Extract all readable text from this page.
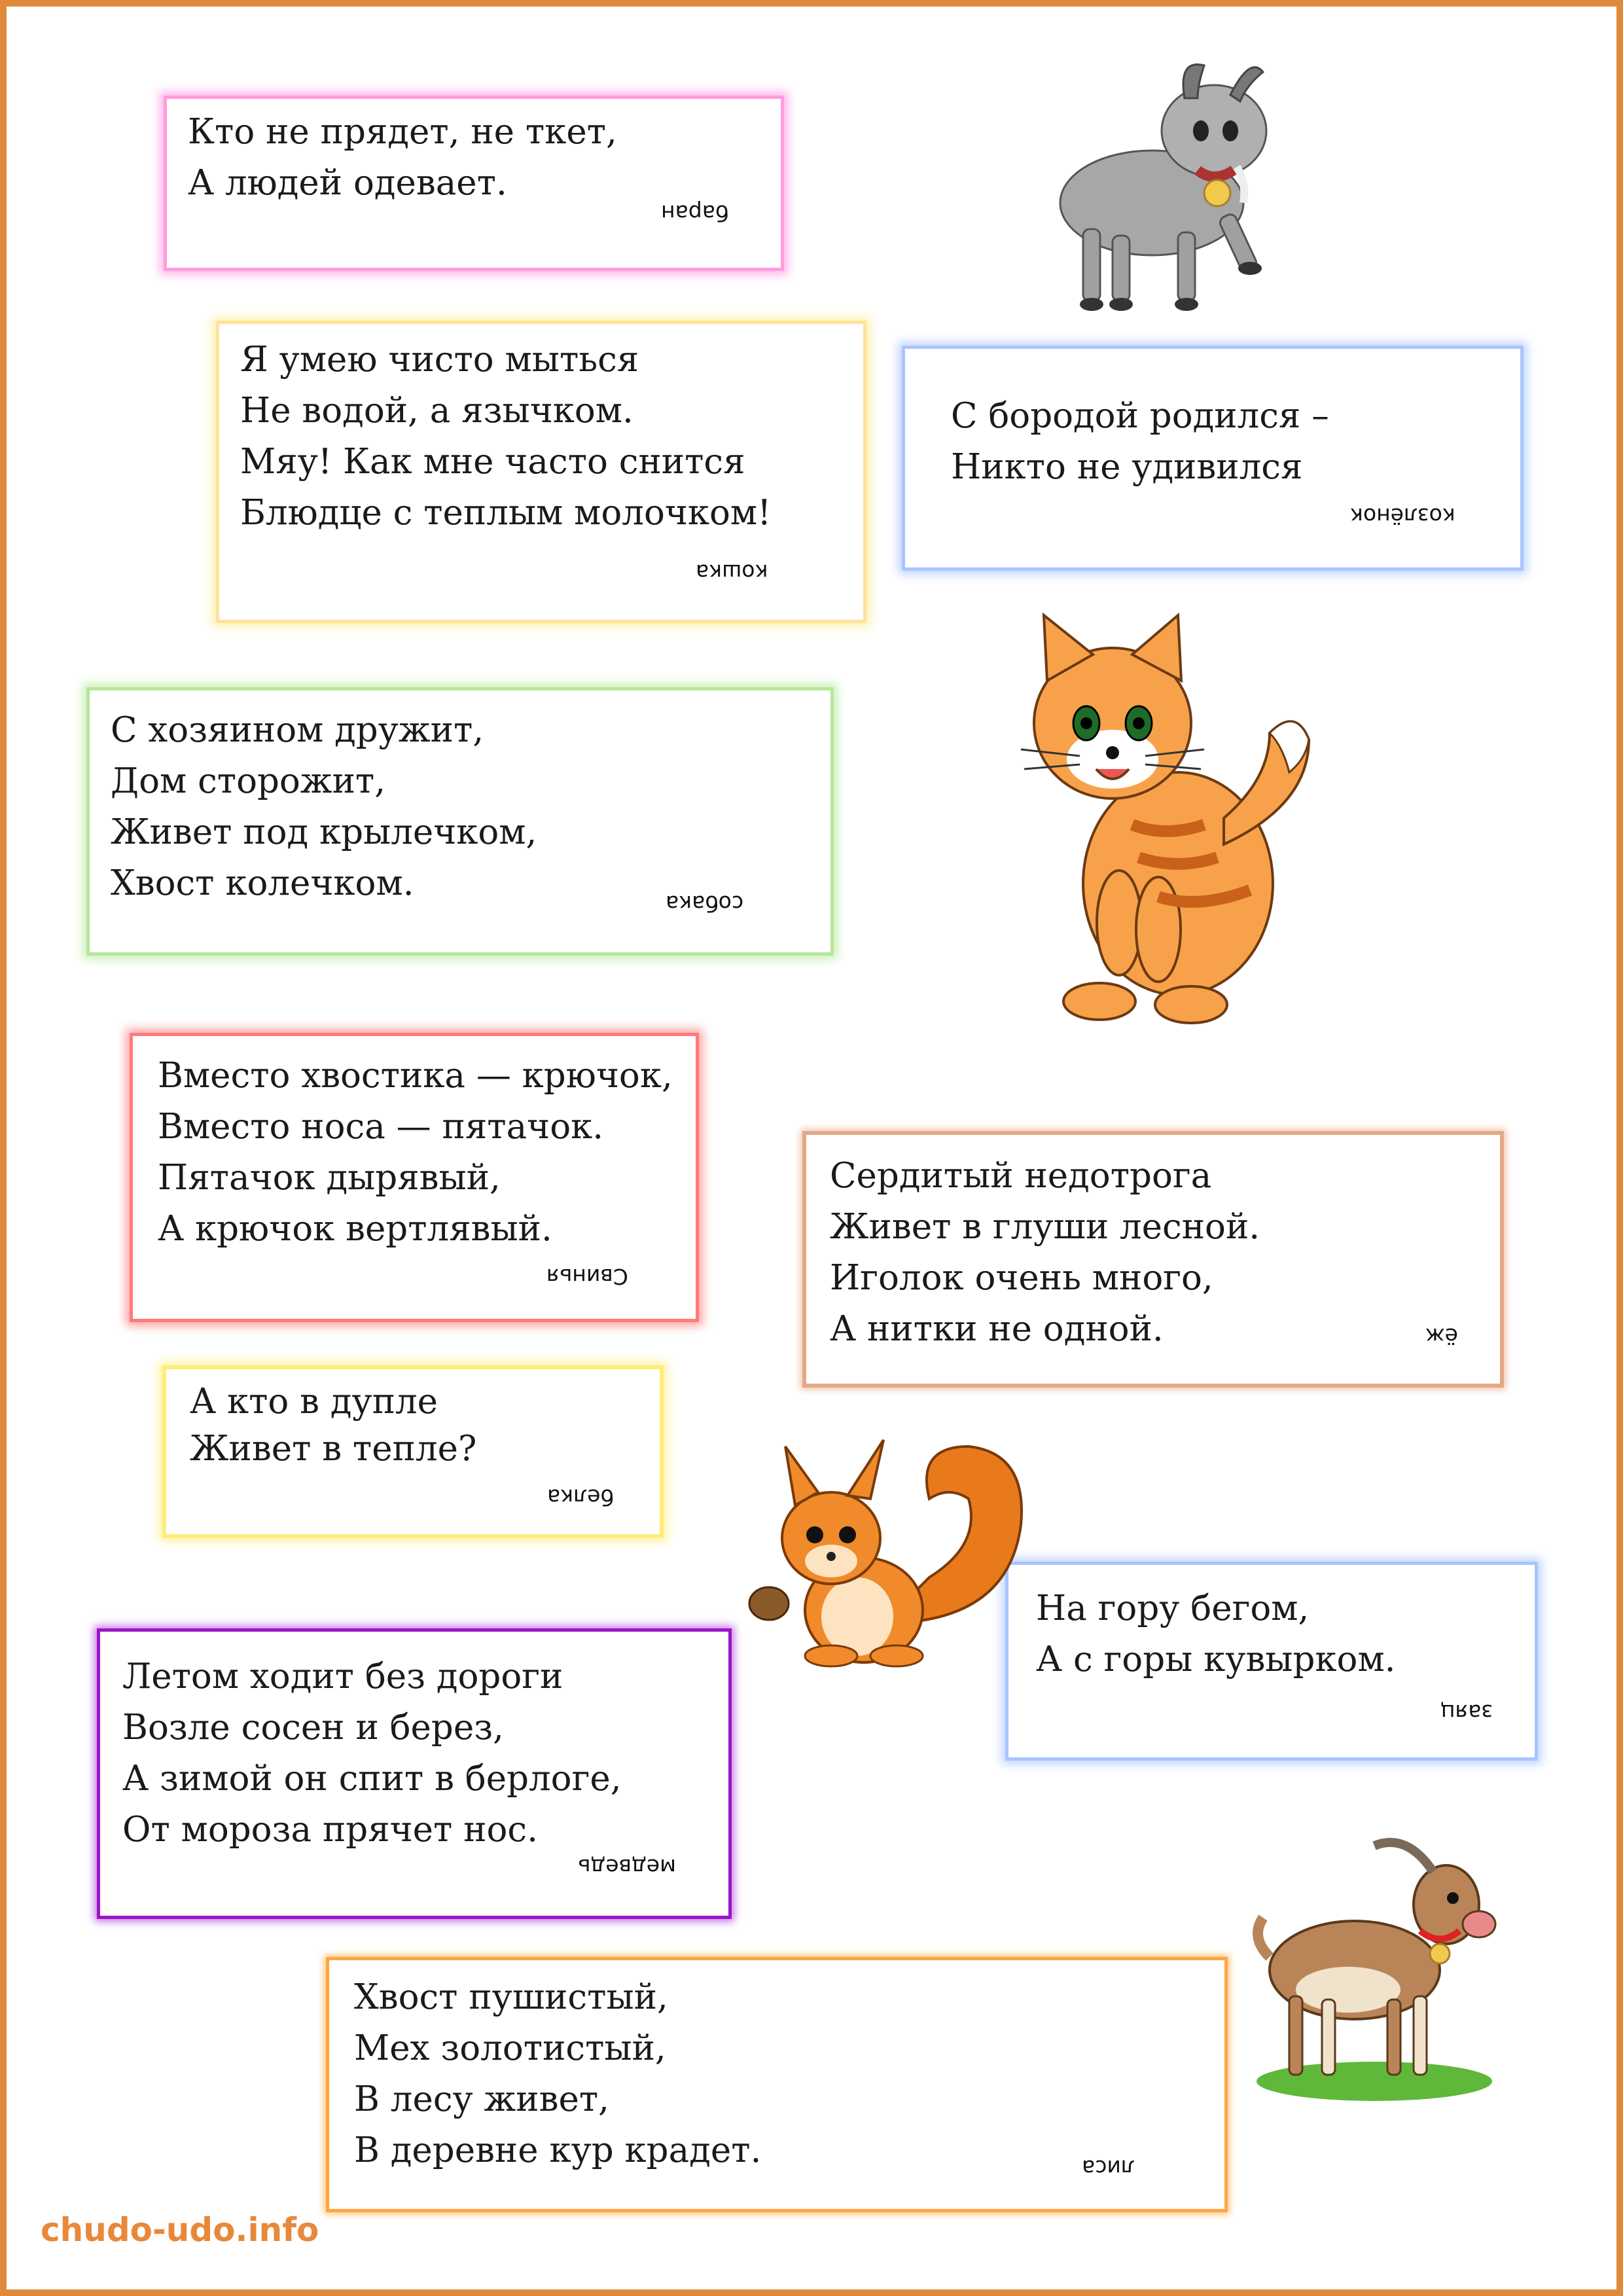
Кто не прядет, не ткет,
А людей одевает.
баран
Я умею чисто мыться
Не водой, а язычком.
Мяу! Как мне часто снится
Блюдце с теплым молочком!
кошка
С бородой родился –
Никто не удивился
козлёнок
С хозяином дружит,
Дом сторожит,
Живет под крылечком,
Хвост колечком.
собака
Вместо хвостика — крючок,
Вместо носа — пятачок.
Пятачок дырявый,
А крючок вертлявый.
Свинья
Сердитый недотрога
Живет в глуши лесной.
Иголок очень много,
А нитки не одной.	ёж
А кто в дупле
Живет в тепле?
белка
На гору бегом,
А с горы кувырком.
заяц
Летом ходит без дороги
Возле сосен и берез,
А зимой он спит в берлоге,
От мороза прячет нос.
медведь
Хвост пушистый,
Мех золотистый,
В лесу живет,
В деревне кур крадет.	лиса
chudo-udo.info
